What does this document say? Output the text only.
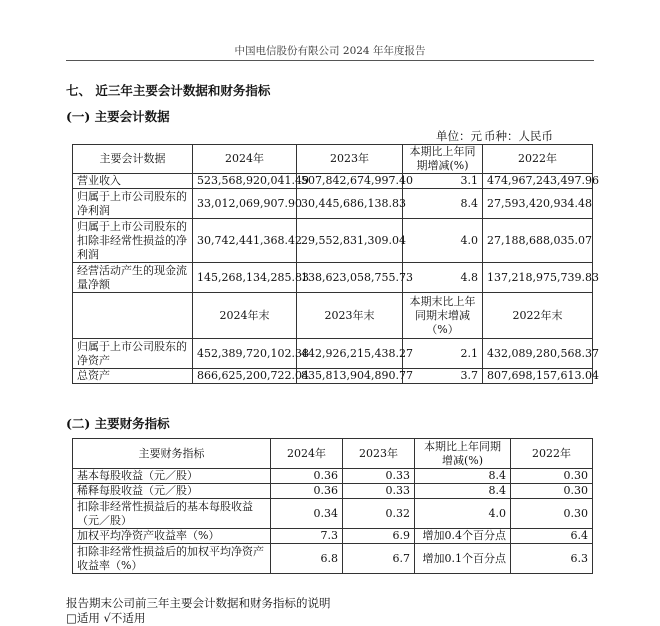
中国电信股份有限公司 2024 年年度报告
七、 近三年主要会计数据和财务指标
(一) 主要会计数据
单位：元 币种：人民币
主要会计数据	2024年	2023年	本期比上年同期增减(%)	2022年
营业收入	523,568,920,041.49	507,842,674,997.40	3.1	474,967,243,497.96
归属于上市公司股东的净利润	33,012,069,907.90	30,445,686,138.83	8.4	27,593,420,934.48
归属于上市公司股东的扣除非经常性损益的净利润	30,742,441,368.42	29,552,831,309.04	4.0	27,188,688,035.07
经营活动产生的现金流量净额	145,268,134,285.83	138,623,058,755.73	4.8	137,218,975,739.83
	2024年末	2023年末	本期末比上年同期末增减（%）	2022年末
归属于上市公司股东的净资产	452,389,720,102.38	442,926,215,438.27	2.1	432,089,280,568.37
总资产	866,625,200,722.04	835,813,904,890.77	3.7	807,698,157,613.04
(二) 主要财务指标
主要财务指标	2024年	2023年	本期比上年同期增减(%)	2022年
基本每股收益（元／股）	0.36	0.33	8.4	0.30
稀释每股收益（元／股）	0.36	0.33	8.4	0.30
扣除非经常性损益后的基本每股收益（元／股）	0.34	0.32	4.0	0.30
加权平均净资产收益率（%）	7.3	6.9	增加0.4个百分点	6.4
扣除非经常性损益后的加权平均净资产收益率（%）	6.8	6.7	增加0.1个百分点	6.3
报告期末公司前三年主要会计数据和财务指标的说明
□适用 √不适用
